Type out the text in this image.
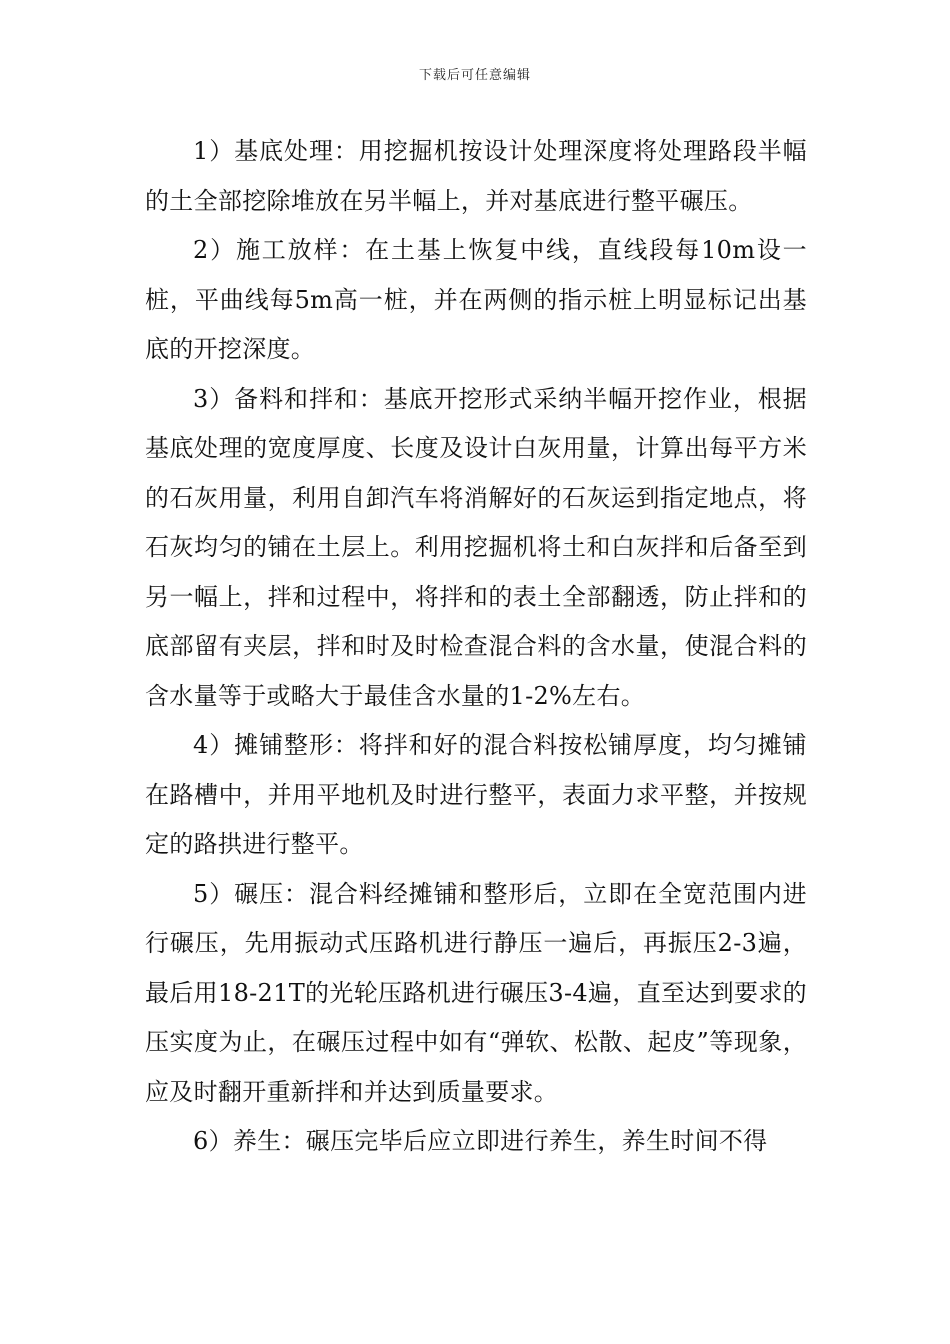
下载后可任意编辑

1）基底处理：用挖掘机按设计处理深度将处理路段半幅的土全部挖除堆放在另半幅上，并对基底进行整平碾压。

2）施工放样：在土基上恢复中线，直线段每10m设一桩，平曲线每5m高一桩，并在两侧的指示桩上明显标记出基底的开挖深度。

3）备料和拌和：基底开挖形式采纳半幅开挖作业，根据基底处理的宽度厚度、长度及设计白灰用量，计算出每平方米的石灰用量，利用自卸汽车将消解好的石灰运到指定地点，将石灰均匀的铺在土层上。利用挖掘机将土和白灰拌和后备至到另一幅上，拌和过程中，将拌和的表土全部翻透，防止拌和的底部留有夹层，拌和时及时检查混合料的含水量，使混合料的含水量等于或略大于最佳含水量的1-2%左右。

4）摊铺整形：将拌和好的混合料按松铺厚度，均匀摊铺在路槽中，并用平地机及时进行整平，表面力求平整，并按规定的路拱进行整平。

5）碾压：混合料经摊铺和整形后，立即在全宽范围内进行碾压，先用振动式压路机进行静压一遍后，再振压2-3遍，最后用18-21T的光轮压路机进行碾压3-4遍，直至达到要求的压实度为止，在碾压过程中如有“弹软、松散、起皮”等现象，应及时翻开重新拌和并达到质量要求。

6）养生：碾压完毕后应立即进行养生，养生时间不得
